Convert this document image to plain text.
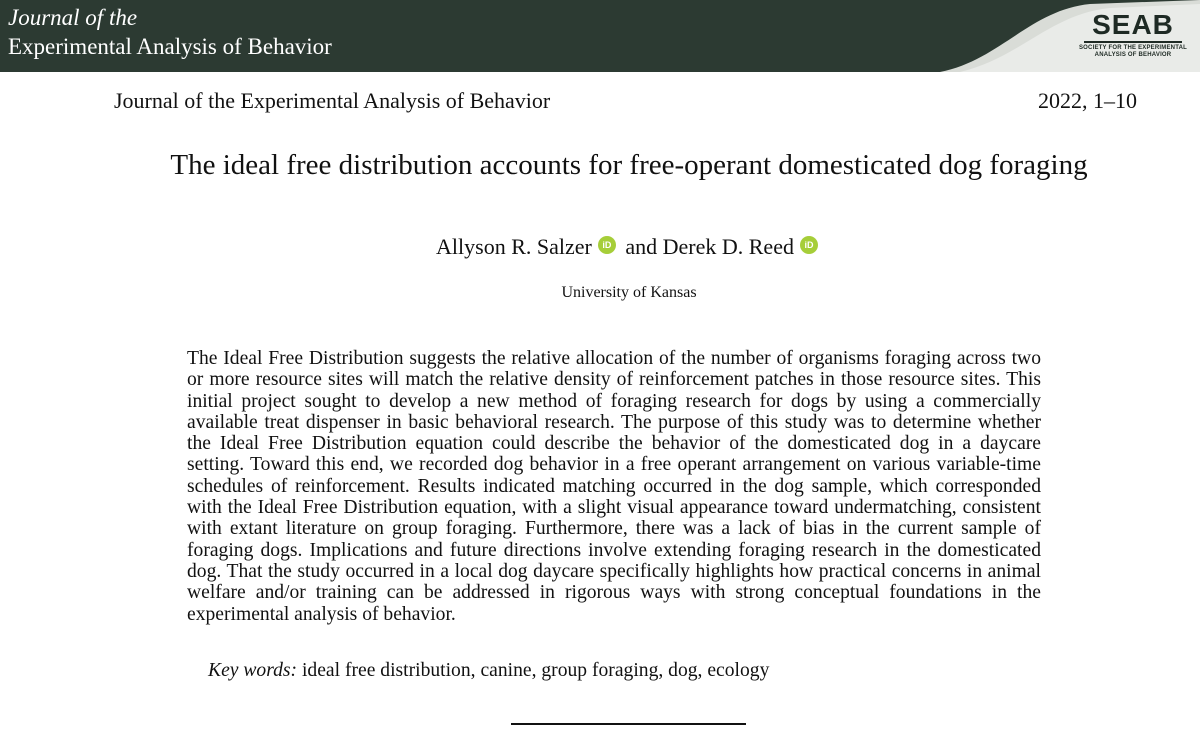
Journal of the
Experimental Analysis of Behavior
SEAB
SOCIETY FOR THE EXPERIMENTAL
ANALYSIS OF BEHAVIOR
Journal of the Experimental Analysis of Behavior	2022, 1–10
The ideal free distribution accounts for free-operant domesticated dog foraging
Allyson R. Salzer iD and Derek D. Reed iD
University of Kansas

The Ideal Free Distribution suggests the relative allocation of the number of organisms foraging across two or more resource sites will match the relative density of reinforcement patches in those resource sites. This initial project sought to develop a new method of foraging research for dogs by using a commercially available treat dispenser in basic behavioral research. The purpose of this study was to determine whether the Ideal Free Distribution equation could describe the behavior of the domesticated dog in a daycare setting. Toward this end, we recorded dog behavior in a free operant arrangement on various variable-time schedules of reinforcement. Results indicated matching occurred in the dog sample, which corresponded with the Ideal Free Distribution equation, with a slight visual appearance toward undermatching, consistent with extant literature on group foraging. Furthermore, there was a lack of bias in the current sample of foraging dogs. Implications and future directions involve extending foraging research in the domesticated dog. That the study occurred in a local dog daycare specifically highlights how practical concerns in animal welfare and/or training can be addressed in rigorous ways with strong conceptual foundations in the experimental analysis of behavior.

Key words: ideal free distribution, canine, group foraging, dog, ecology
